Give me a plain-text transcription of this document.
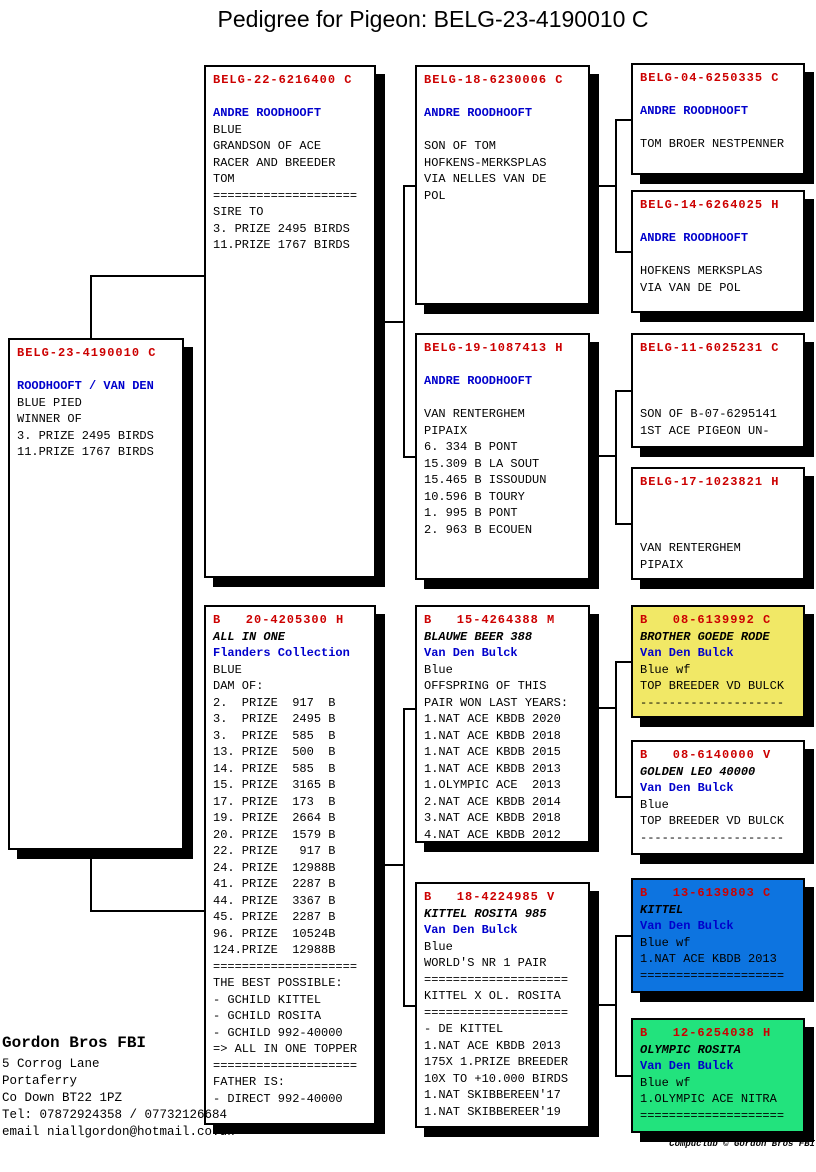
Pedigree for Pigeon: BELG-23-4190010 C
BELG-23-4190010 C

ROODHOOFT / VAN DEN
BLUE PIED
WINNER OF
3. PRIZE 2495 BIRDS
11.PRIZE 1767 BIRDS
BELG-22-6216400 C

ANDRE ROODHOOFT
BLUE
GRANDSON OF ACE
RACER AND BREEDER
TOM
====================
SIRE TO
3. PRIZE 2495 BIRDS
11.PRIZE 1767 BIRDS
B   20-4205300 H
ALL IN ONE
Flanders Collection
BLUE
DAM OF:
2.  PRIZE  917  B
3.  PRIZE  2495 B
3.  PRIZE  585  B
13. PRIZE  500  B
14. PRIZE  585  B
15. PRIZE  3165 B
17. PRIZE  173  B
19. PRIZE  2664 B
20. PRIZE  1579 B
22. PRIZE   917 B
24. PRIZE  12988B
41. PRIZE  2287 B
44. PRIZE  3367 B
45. PRIZE  2287 B
96. PRIZE  10524B
124.PRIZE  12988B
====================
THE BEST POSSIBLE:
- GCHILD KITTEL
- GCHILD ROSITA
- GCHILD 992-40000
=> ALL IN ONE TOPPER
====================
FATHER IS:
- DIRECT 992-40000
BELG-18-6230006 C

ANDRE ROODHOOFT

SON OF TOM
HOFKENS-MERKSPLAS
VIA NELLES VAN DE
POL
BELG-19-1087413 H

ANDRE ROODHOOFT

VAN RENTERGHEM
PIPAIX
6. 334 B PONT
15.309 B LA SOUT
15.465 B ISSOUDUN
10.596 B TOURY
1. 995 B PONT
2. 963 B ECOUEN
B   15-4264388 M
BLAUWE BEER 388
Van Den Bulck
Blue
OFFSPRING OF THIS
PAIR WON LAST YEARS:
1.NAT ACE KBDB 2020
1.NAT ACE KBDB 2018
1.NAT ACE KBDB 2015
1.NAT ACE KBDB 2013
1.OLYMPIC ACE  2013
2.NAT ACE KBDB 2014
3.NAT ACE KBDB 2018
4.NAT ACE KBDB 2012
B   18-4224985 V
KITTEL ROSITA 985
Van Den Bulck
Blue
WORLD'S NR 1 PAIR
====================
KITTEL X OL. ROSITA
====================
- DE KITTEL
1.NAT ACE KBDB 2013
175X 1.PRIZE BREEDER
10X TO +10.000 BIRDS
1.NAT SKIBBEREEN'17
1.NAT SKIBBEREER'19
BELG-04-6250335 C

ANDRE ROODHOOFT

TOM BROER NESTPENNER
BELG-14-6264025 H

ANDRE ROODHOOFT

HOFKENS MERKSPLAS
VIA VAN DE POL
BELG-11-6025231 C

SON OF B-07-6295141
1ST ACE PIGEON UN-
BELG-17-1023821 H

VAN RENTERGHEM
PIPAIX
B   08-6139992 C
BROTHER GOEDE RODE
Van Den Bulck
Blue wf
TOP BREEDER VD BULCK
--------------------
B   08-6140000 V
GOLDEN LEO 40000
Van Den Bulck
Blue
TOP BREEDER VD BULCK
--------------------
B   13-6139803 C
KITTEL
Van Den Bulck
Blue wf
1.NAT ACE KBDB 2013
====================
B   12-6254038 H
OLYMPIC ROSITA
Van Den Bulck
Blue wf
1.OLYMPIC ACE NITRA
====================
Gordon Bros FBI
5 Corrog Lane
Portaferry
Co Down BT22 1PZ
Tel: 07872924358 / 07732126684
email niallgordon@hotmail.co.uk
Compuclub © Gordon Bros FBI
